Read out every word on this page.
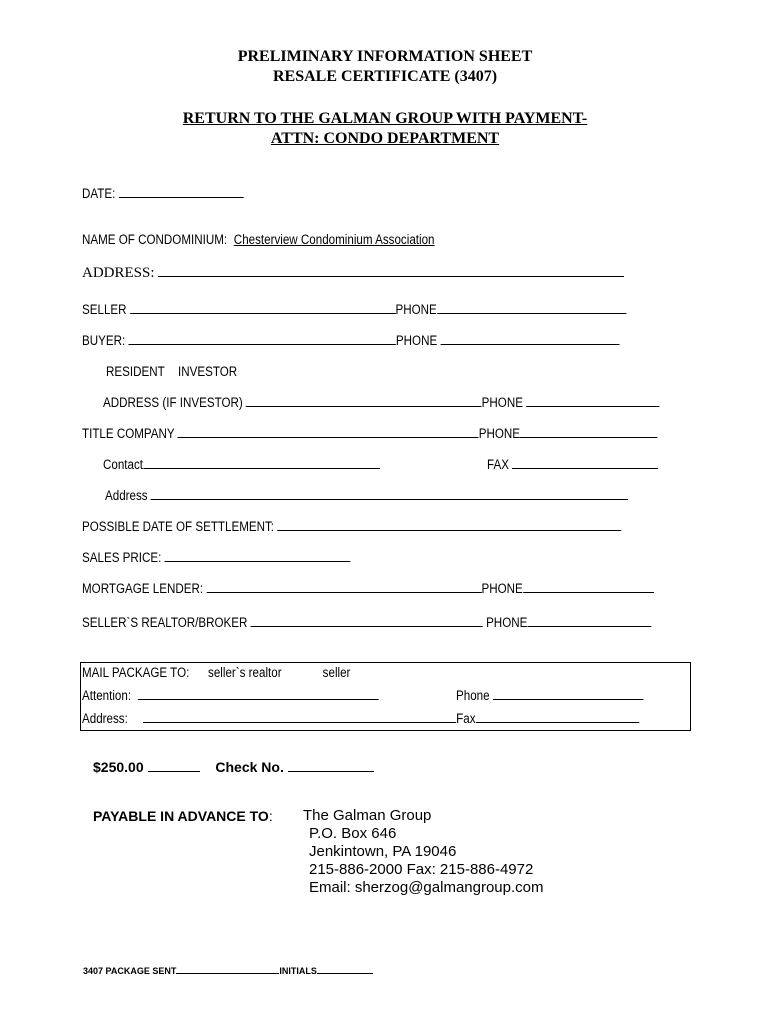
PRELIMINARY INFORMATION SHEET
RESALE CERTIFICATE (3407)
RETURN TO THE GALMAN GROUP WITH PAYMENT-
ATTN: CONDO DEPARTMENT
DATE:
NAME OF CONDOMINIUM: Chesterview Condominium Association
ADDRESS:
SELLER	PHONE
BUYER:	PHONE
RESIDENT INVESTOR
ADDRESS (IF INVESTOR)	PHONE
TITLE COMPANY	PHONE
Contact	FAX
Address
POSSIBLE DATE OF SETTLEMENT:
SALES PRICE:
MORTGAGE LENDER:	PHONE
SELLER`S REALTOR/BROKER	PHONE
MAIL PACKAGE TO: seller`s realtor	seller
Attention:	Phone
Address:	Fax
$250.00	Check No.
PAYABLE IN ADVANCE TO: The Galman Group
P.O. Box 646
Jenkintown, PA 19046
215-886-2000 Fax: 215-886-4972
Email: sherzog@galmangroup.com
3407 PACKAGE SENT	INITIALS
